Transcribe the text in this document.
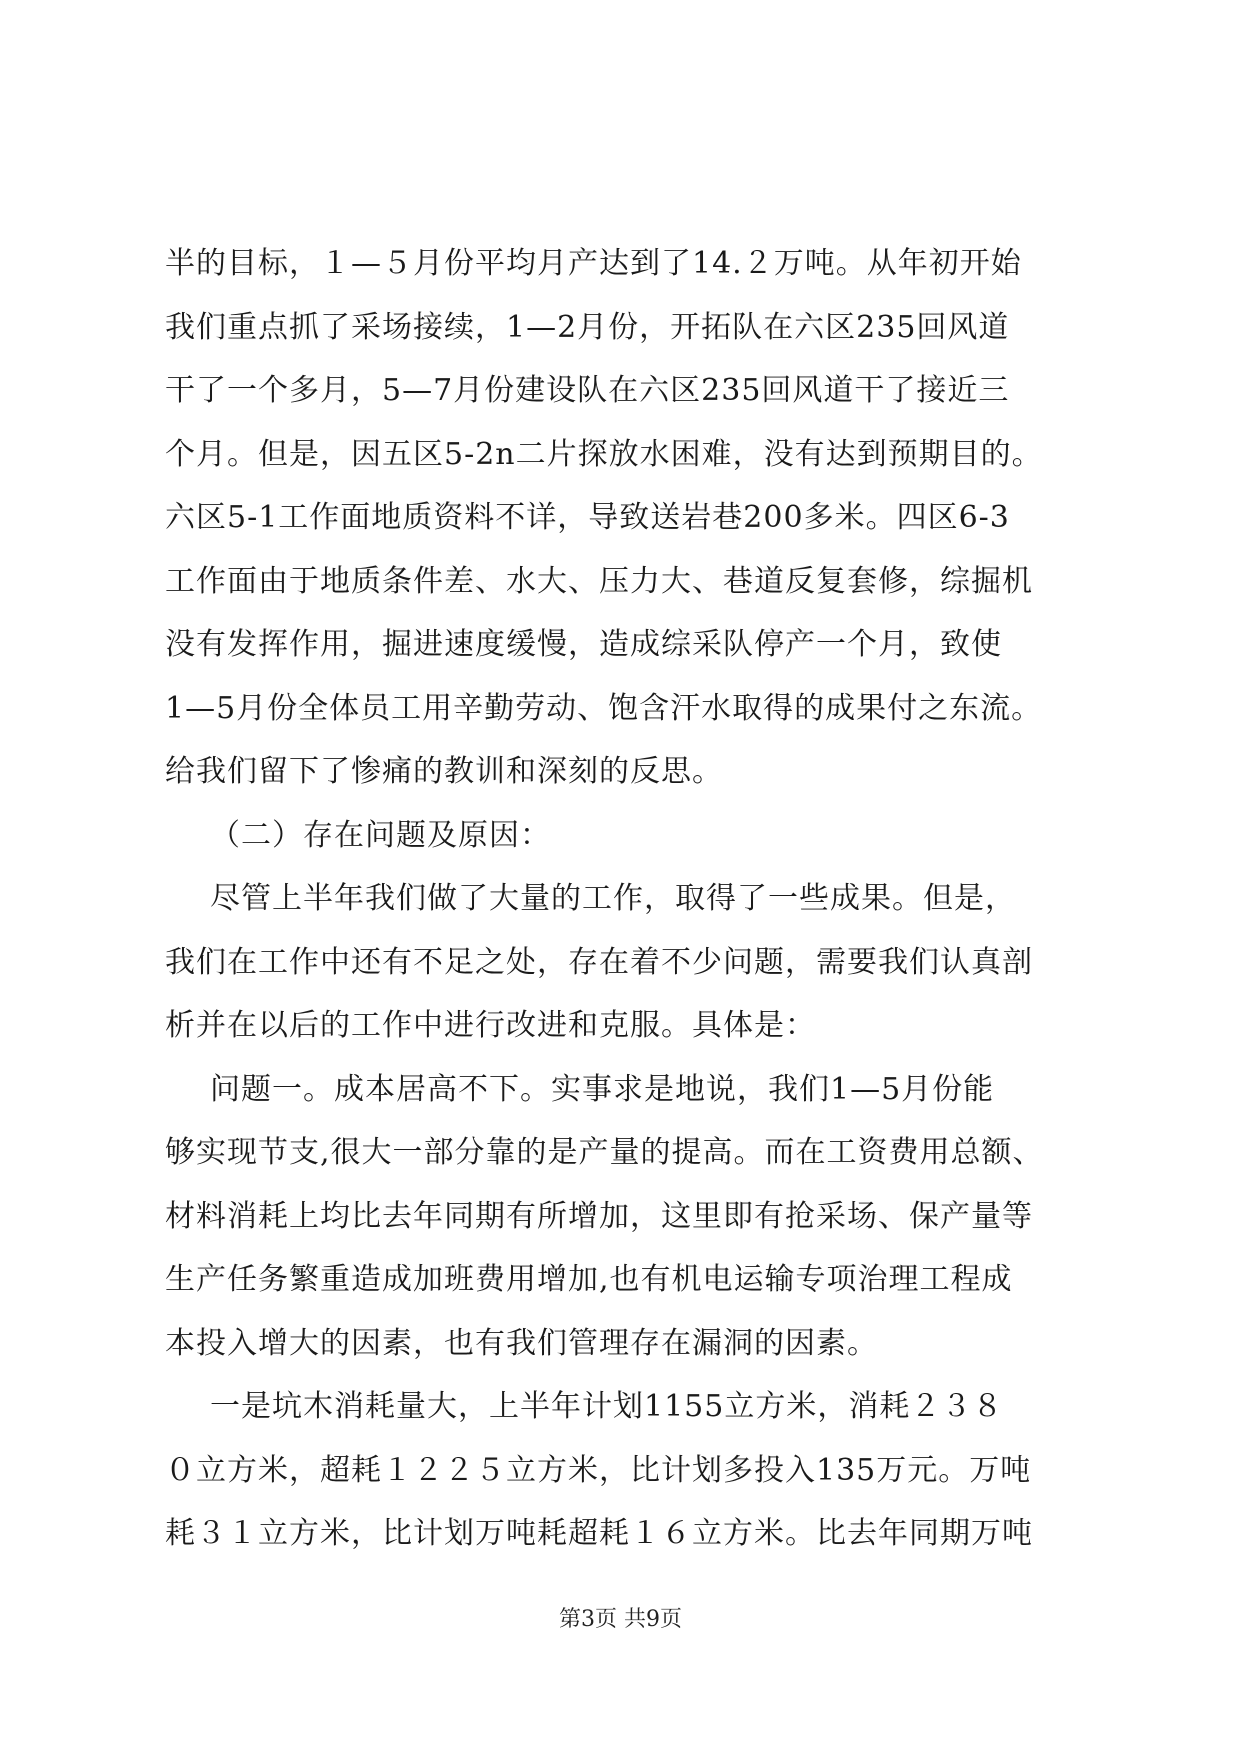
半的目标，１—５月份平均月产达到了14.２万吨。从年初开始
我们重点抓了采场接续，1—2月份，开拓队在六区235回风道
干了一个多月，5—7月份建设队在六区235回风道干了接近三
个月。但是，因五区5-2n二片探放水困难，没有达到预期目的。
六区5-1工作面地质资料不详，导致送岩巷200多米。四区6-3
工作面由于地质条件差、水大、压力大、巷道反复套修，综掘机
没有发挥作用，掘进速度缓慢，造成综采队停产一个月，致使
1—5月份全体员工用辛勤劳动、饱含汗水取得的成果付之东流。
给我们留下了惨痛的教训和深刻的反思。
（二）存在问题及原因：
尽管上半年我们做了大量的工作，取得了一些成果。但是，
我们在工作中还有不足之处，存在着不少问题，需要我们认真剖
析并在以后的工作中进行改进和克服。具体是：
问题一。成本居高不下。实事求是地说，我们1—5月份能
够实现节支,很大一部分靠的是产量的提高。而在工资费用总额、
材料消耗上均比去年同期有所增加，这里即有抢采场、保产量等
生产任务繁重造成加班费用增加,也有机电运输专项治理工程成
本投入增大的因素，也有我们管理存在漏洞的因素。
一是坑木消耗量大，上半年计划1155立方米，消耗２３８
０立方米，超耗１２２５立方米，比计划多投入135万元。万吨
耗３１立方米，比计划万吨耗超耗１６立方米。比去年同期万吨
第3页 共9页
